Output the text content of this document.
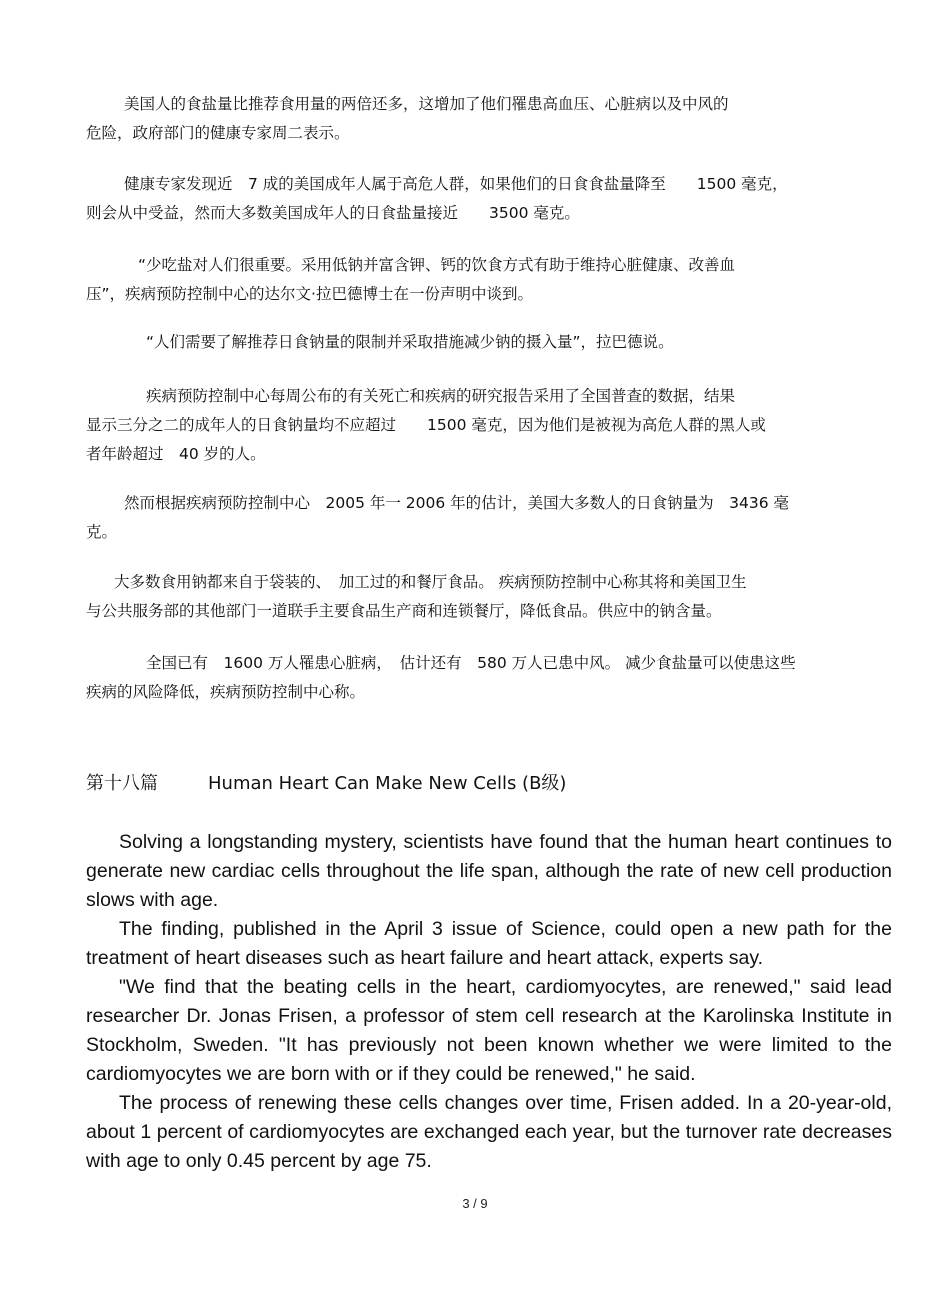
美国人的食盐量比推荐食用量的两倍还多，这增加了他们罹患高血压、心脏病以及中风的
危险，政府部门的健康专家周二表示。
健康专家发现近　7 成的美国成年人属于高危人群，如果他们的日食食盐量降至　　1500 毫克，
则会从中受益，然而大多数美国成年人的日食盐量接近　　3500 毫克。
“少吃盐对人们很重要。采用低钠并富含钾、钙的饮食方式有助于维持心脏健康、改善血
压”，疾病预防控制中心的达尔文·拉巴德博士在一份声明中谈到。
“人们需要了解推荐日食钠量的限制并采取措施减少钠的摄入量”，拉巴德说。
疾病预防控制中心每周公布的有关死亡和疾病的研究报告采用了全国普查的数据，结果
显示三分之二的成年人的日食钠量均不应超过　　1500 毫克，因为他们是被视为高危人群的黑人或
者年龄超过　40 岁的人。
然而根据疾病预防控制中心　2005 年一 2006 年的估计，美国大多数人的日食钠量为　3436 毫
克。
大多数食用钠都来自于袋装的、　加工过的和餐厅食品。 疾病预防控制中心称其将和美国卫生
与公共服务部的其他部门一道联手主要食品生产商和连锁餐厅，降低食品。供应中的钠含量。
全国已有　1600 万人罹患心脏病，　估计还有　580 万人已患中风。 减少食盐量可以使患这些
疾病的风险降低，疾病预防控制中心称。
第十八篇	Human Heart Can Make New Cells (B级)

Solving a longstanding mystery, scientists have found that the human heart continues to generate new cardiac cells throughout the life span, although the rate of new cell production slows with age.

The finding, published in the April 3 issue of Science, could open a new path for the treatment of heart diseases such as heart failure and heart attack, experts say.

"We find that the beating cells in the heart, cardiomyocytes, are renewed," said lead researcher Dr. Jonas Frisen, a professor of stem cell research at the Karolinska Institute in Stockholm, Sweden. "It has previously not been known whether we were limited to the cardiomyocytes we are born with or if they could be renewed," he said.

The process of renewing these cells changes over time, Frisen added. In a 20-year-old, about 1 percent of cardiomyocytes are exchanged each year, but the turnover rate decreases with age to only 0.45 percent by age 75.

3 / 9
